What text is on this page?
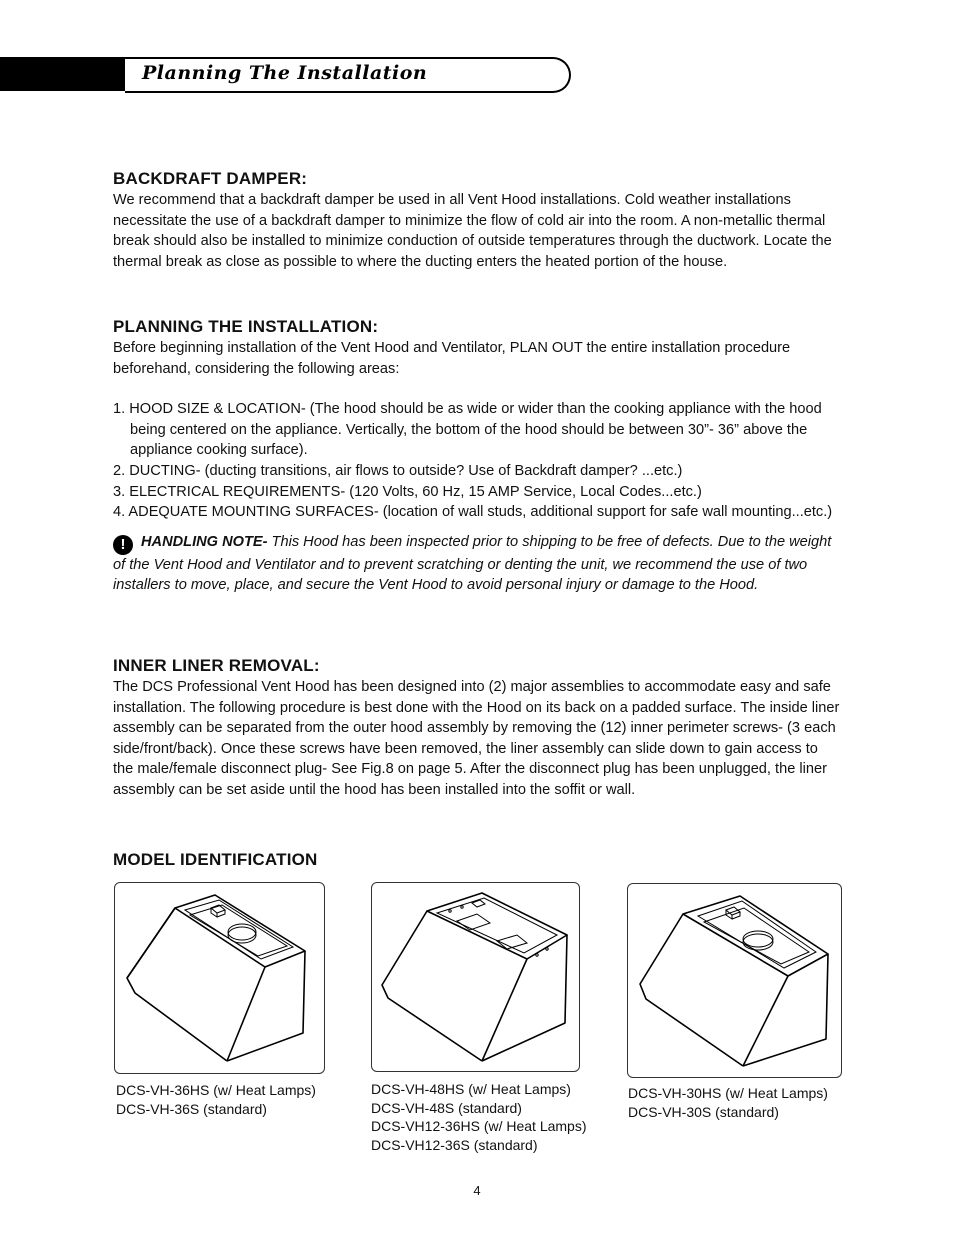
Planning The Installation
BACKDRAFT DAMPER:

We recommend that a backdraft damper be used in all Vent Hood installations. Cold weather installations necessitate the use of a backdraft damper to minimize the flow of cold air into the room. A non-metallic thermal break should also be installed to minimize conduction of outside temperatures through the ductwork. Locate the thermal break as close as possible to where the ducting enters the heated portion of the house.

PLANNING THE INSTALLATION:

Before beginning installation of the Vent Hood and Ventilator, PLAN OUT the entire installation procedure beforehand, considering the following areas:

1. HOOD SIZE & LOCATION- (The hood should be as wide or wider than the cooking appliance with the hood being centered on the appliance. Vertically, the bottom of the hood should be between 30”- 36” above the appliance cooking surface).
2. DUCTING- (ducting transitions, air flows to outside? Use of Backdraft damper? ...etc.)
3. ELECTRICAL REQUIREMENTS- (120 Volts, 60 Hz, 15 AMP Service, Local Codes...etc.)
4. ADEQUATE MOUNTING SURFACES- (location of wall studs, additional support for safe wall mounting...etc.)

! HANDLING NOTE- This Hood has been inspected prior to shipping to be free of defects. Due to the weight of the Vent Hood and Ventilator and to prevent scratching or denting the unit, we recommend the use of two installers to move, place, and secure the Vent Hood to avoid personal injury or damage to the Hood.

INNER LINER REMOVAL:

The DCS Professional Vent Hood has been designed into (2) major assemblies to accommodate easy and safe installation. The following procedure is best done with the Hood on its back on a padded surface. The inside liner assembly can be separated from the outer hood assembly by removing the (12) inner perimeter screws- (3 each side/front/back). Once these screws have been removed, the liner assembly can slide down to gain access to the male/female disconnect plug- See Fig.8 on page 5. After the disconnect plug has been unplugged, the liner assembly can be set aside until the hood has been installed into the soffit or wall.

MODEL IDENTIFICATION
DCS-VH-36HS (w/ Heat Lamps)
DCS-VH-36S (standard)
DCS-VH-48HS (w/ Heat Lamps)
DCS-VH-48S (standard)
DCS-VH12-36HS (w/ Heat Lamps)
DCS-VH12-36S (standard)
DCS-VH-30HS (w/ Heat Lamps)
DCS-VH-30S (standard)
4
